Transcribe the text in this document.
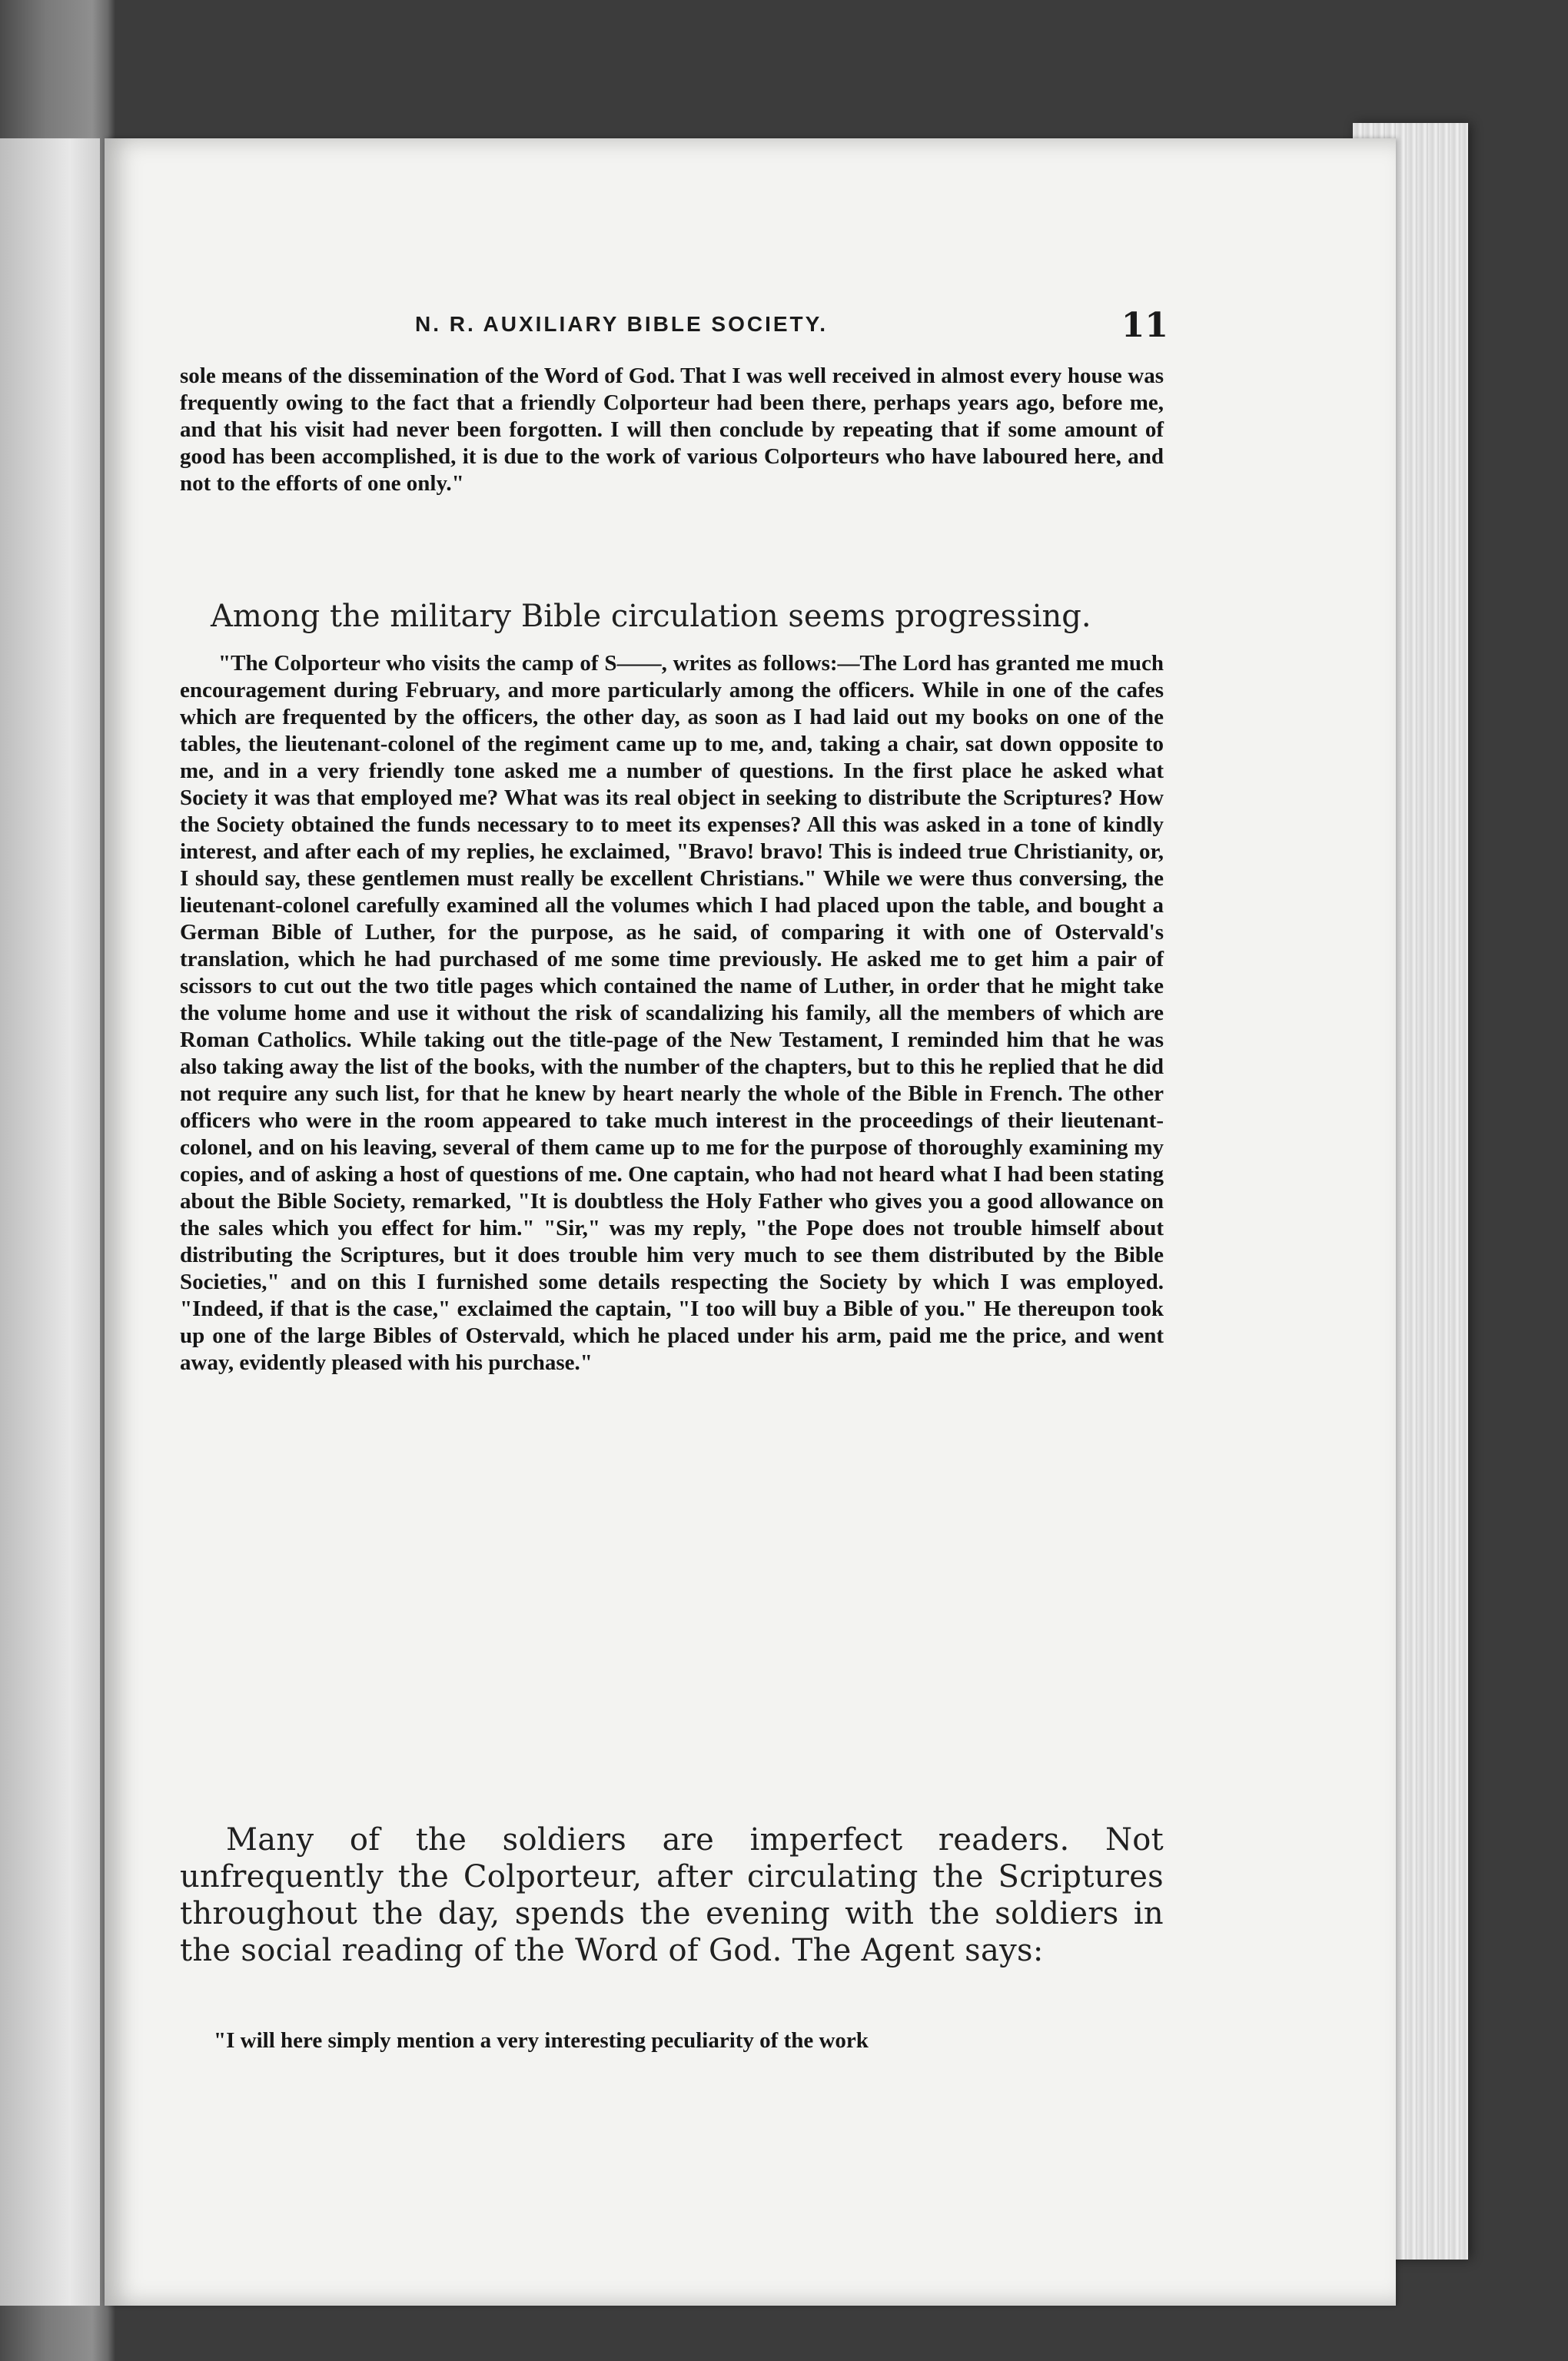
N. R. AUXILIARY BIBLE SOCIETY.	11

sole means of the dissemination of the Word of God. That I was well received in almost every house was frequently owing to the fact that a friendly Colporteur had been there, perhaps years ago, before me, and that his visit had never been forgotten. I will then conclude by repeating that if some amount of good has been accomplished, it is due to the work of various Colporteurs who have laboured here, and not to the efforts of one only."

Among the military Bible circulation seems progressing.

"The Colporteur who visits the camp of S——, writes as follows:—The Lord has granted me much encouragement during February, and more particularly among the officers. While in one of the cafes which are frequented by the officers, the other day, as soon as I had laid out my books on one of the tables, the lieutenant-colonel of the regiment came up to me, and, taking a chair, sat down opposite to me, and in a very friendly tone asked me a number of questions. In the first place he asked what Society it was that employed me? What was its real object in seeking to distribute the Scriptures? How the Society obtained the funds necessary to to meet its expenses? All this was asked in a tone of kindly interest, and after each of my replies, he exclaimed, "Bravo! bravo! This is indeed true Christianity, or, I should say, these gentlemen must really be excellent Christians." While we were thus conversing, the lieutenant-colonel carefully examined all the volumes which I had placed upon the table, and bought a German Bible of Luther, for the purpose, as he said, of comparing it with one of Ostervald's translation, which he had purchased of me some time previously. He asked me to get him a pair of scissors to cut out the two title pages which contained the name of Luther, in order that he might take the volume home and use it without the risk of scandalizing his family, all the members of which are Roman Catholics. While taking out the title-page of the New Testament, I reminded him that he was also taking away the list of the books, with the number of the chapters, but to this he replied that he did not require any such list, for that he knew by heart nearly the whole of the Bible in French. The other officers who were in the room appeared to take much interest in the proceedings of their lieutenant-colonel, and on his leaving, several of them came up to me for the purpose of thoroughly examining my copies, and of asking a host of questions of me. One captain, who had not heard what I had been stating about the Bible Society, remarked, "It is doubtless the Holy Father who gives you a good allowance on the sales which you effect for him." "Sir," was my reply, "the Pope does not trouble himself about distributing the Scriptures, but it does trouble him very much to see them distributed by the Bible Societies," and on this I furnished some details respecting the Society by which I was employed. "Indeed, if that is the case," exclaimed the captain, "I too will buy a Bible of you." He thereupon took up one of the large Bibles of Ostervald, which he placed under his arm, paid me the price, and went away, evidently pleased with his purchase."

Many of the soldiers are imperfect readers. Not unfrequently the Colporteur, after circulating the Scriptures throughout the day, spends the evening with the soldiers in the social reading of the Word of God. The Agent says:

"I will here simply mention a very interesting peculiarity of the work
